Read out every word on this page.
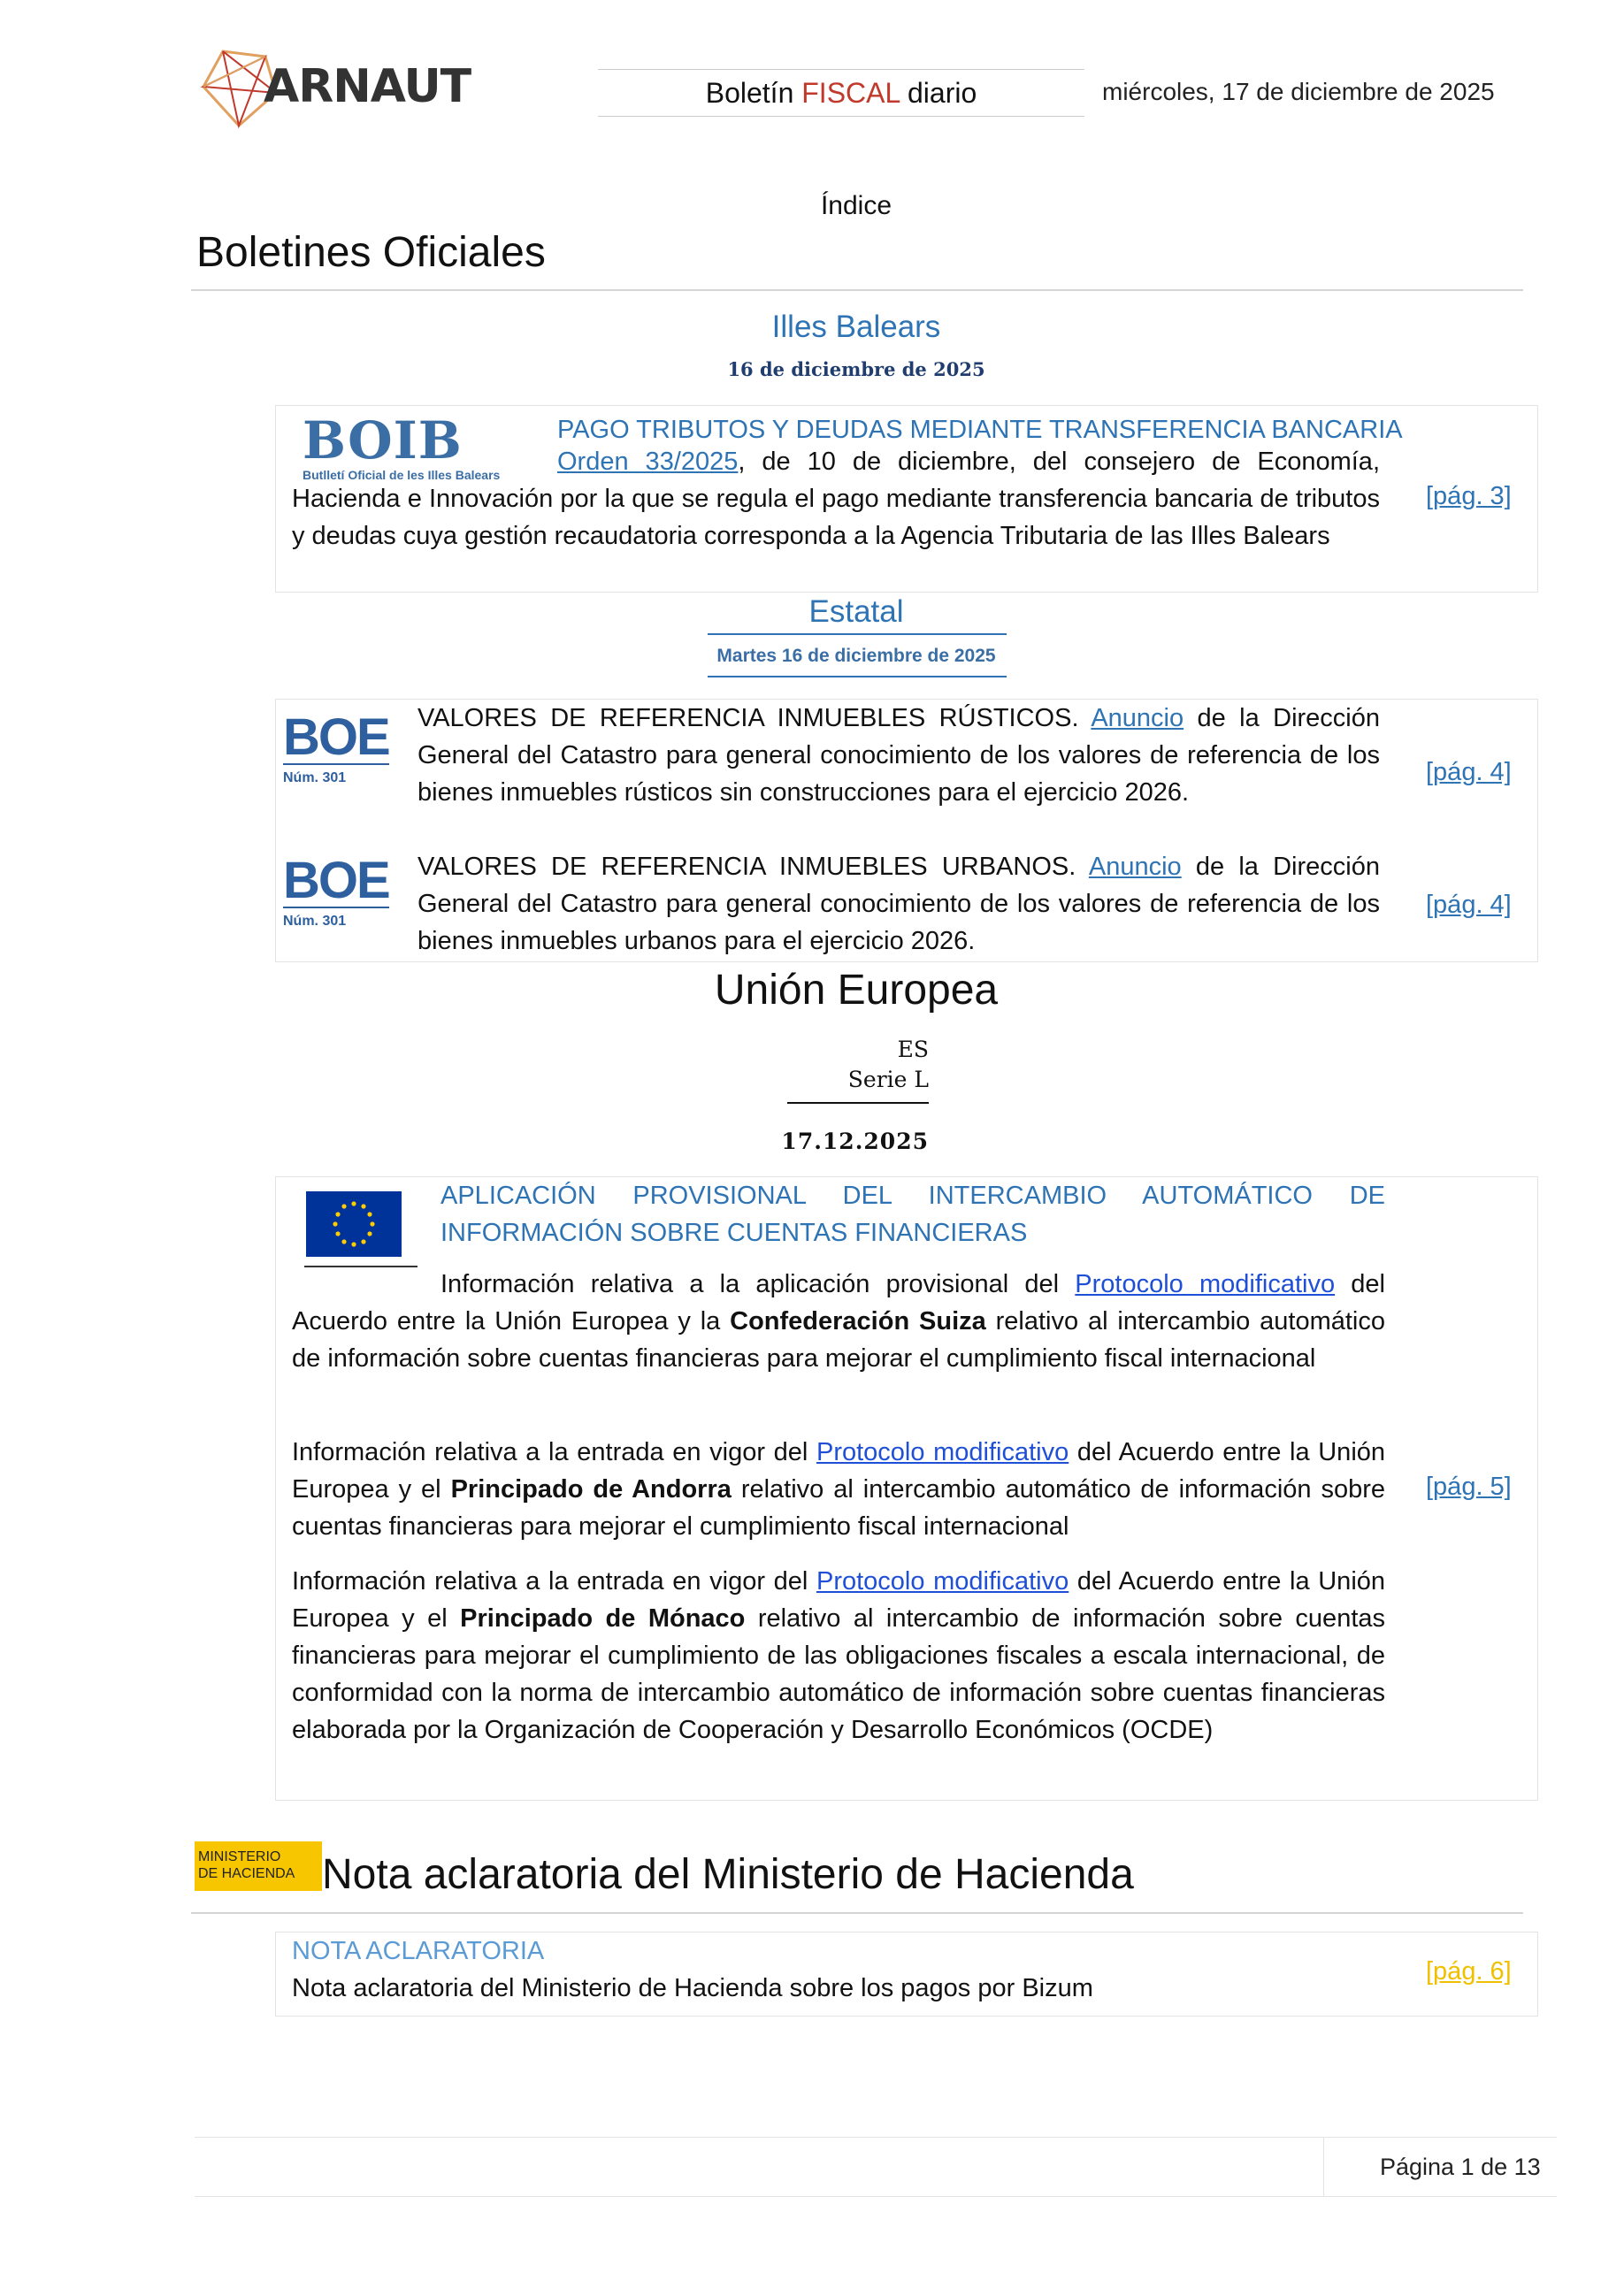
ARNAUT	Boletín FISCAL diario	miércoles, 17 de diciembre de 2025
Índice
Boletines Oficiales
Illes Balears
16 de diciembre de 2025
BOIB
Butlletí Oficial de les Illes Balears
PAGO TRIBUTOS Y DEUDAS MEDIANTE TRANSFERENCIA BANCARIA
Orden 33/2025, de 10 de diciembre, del consejero de Economía, Hacienda e Innovación por la que se regula el pago mediante transferencia bancaria de tributos y deudas cuya gestión recaudatoria corresponda a la Agencia Tributaria de las Illes Balears
[pág. 3]
Estatal
Martes 16 de diciembre de 2025
BOE
Núm. 301
VALORES DE REFERENCIA INMUEBLES RÚSTICOS. Anuncio de la Dirección General del Catastro para general conocimiento de los valores de referencia de los bienes inmuebles rústicos sin construcciones para el ejercicio 2026.
[pág. 4]
BOE
Núm. 301
VALORES DE REFERENCIA INMUEBLES URBANOS. Anuncio de la Dirección General del Catastro para general conocimiento de los valores de referencia de los bienes inmuebles urbanos para el ejercicio 2026.
[pág. 4]
Unión Europea
ES
Serie L
17.12.2025
APLICACIÓN PROVISIONAL DEL INTERCAMBIO AUTOMÁTICO DE INFORMACIÓN SOBRE CUENTAS FINANCIERAS
Información relativa a la aplicación provisional del Protocolo modificativo del Acuerdo entre la Unión Europea y la Confederación Suiza relativo al intercambio automático de información sobre cuentas financieras para mejorar el cumplimiento fiscal internacional
Información relativa a la entrada en vigor del Protocolo modificativo del Acuerdo entre la Unión Europea y el Principado de Andorra relativo al intercambio automático de información sobre cuentas financieras para mejorar el cumplimiento fiscal internacional
Información relativa a la entrada en vigor del Protocolo modificativo del Acuerdo entre la Unión Europea y el Principado de Mónaco relativo al intercambio de información sobre cuentas financieras para mejorar el cumplimiento de las obligaciones fiscales a escala internacional, de conformidad con la norma de intercambio automático de información sobre cuentas financieras elaborada por la Organización de Cooperación y Desarrollo Económicos (OCDE)
[pág. 5]
MINISTERIO
DE HACIENDA Nota aclaratoria del Ministerio de Hacienda
NOTA ACLARATORIA
Nota aclaratoria del Ministerio de Hacienda sobre los pagos por Bizum
[pág. 6]
Página 1 de 13
